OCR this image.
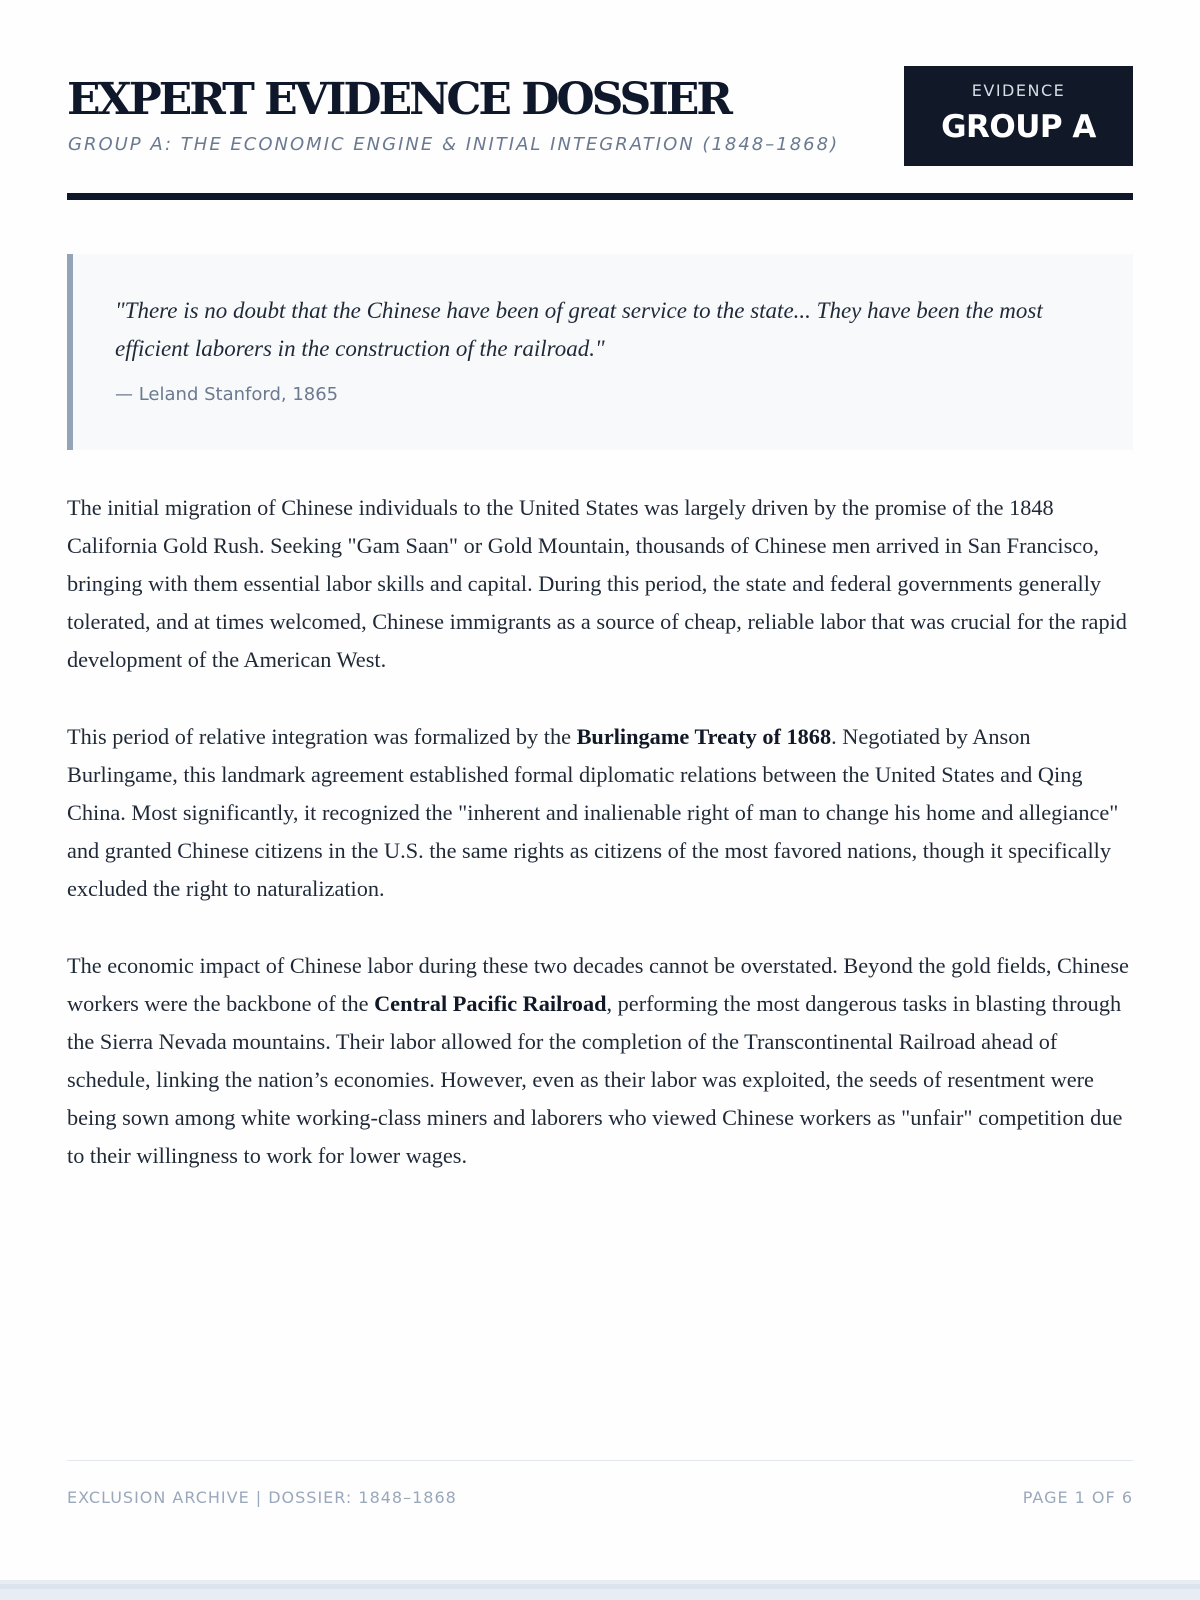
EXPERT EVIDENCE DOSSIER
GROUP A: THE ECONOMIC ENGINE & INITIAL INTEGRATION (1848–1868)
EVIDENCE
GROUP A

"There is no doubt that the Chinese have been of great service to the state... They have been the most efficient laborers in the construction of the railroad."

— Leland Stanford, 1865

The initial migration of Chinese individuals to the United States was largely driven by the promise of the 1848 California Gold Rush. Seeking "Gam Saan" or Gold Mountain, thousands of Chinese men arrived in San Francisco, bringing with them essential labor skills and capital. During this period, the state and federal governments generally tolerated, and at times welcomed, Chinese immigrants as a source of cheap, reliable labor that was crucial for the rapid development of the American West.

This period of relative integration was formalized by the Burlingame Treaty of 1868. Negotiated by Anson Burlingame, this landmark agreement established formal diplomatic relations between the United States and Qing China. Most significantly, it recognized the "inherent and inalienable right of man to change his home and allegiance" and granted Chinese citizens in the U.S. the same rights as citizens of the most favored nations, though it specifically excluded the right to naturalization.

The economic impact of Chinese labor during these two decades cannot be overstated. Beyond the gold fields, Chinese workers were the backbone of the Central Pacific Railroad, performing the most dangerous tasks in blasting through the Sierra Nevada mountains. Their labor allowed for the completion of the Transcontinental Railroad ahead of schedule, linking the nation’s economies. However, even as their labor was exploited, the seeds of resentment were being sown among white working-class miners and laborers who viewed Chinese workers as "unfair" competition due to their willingness to work for lower wages.

EXCLUSION ARCHIVE | DOSSIER: 1848–1868	PAGE 1 OF 6
